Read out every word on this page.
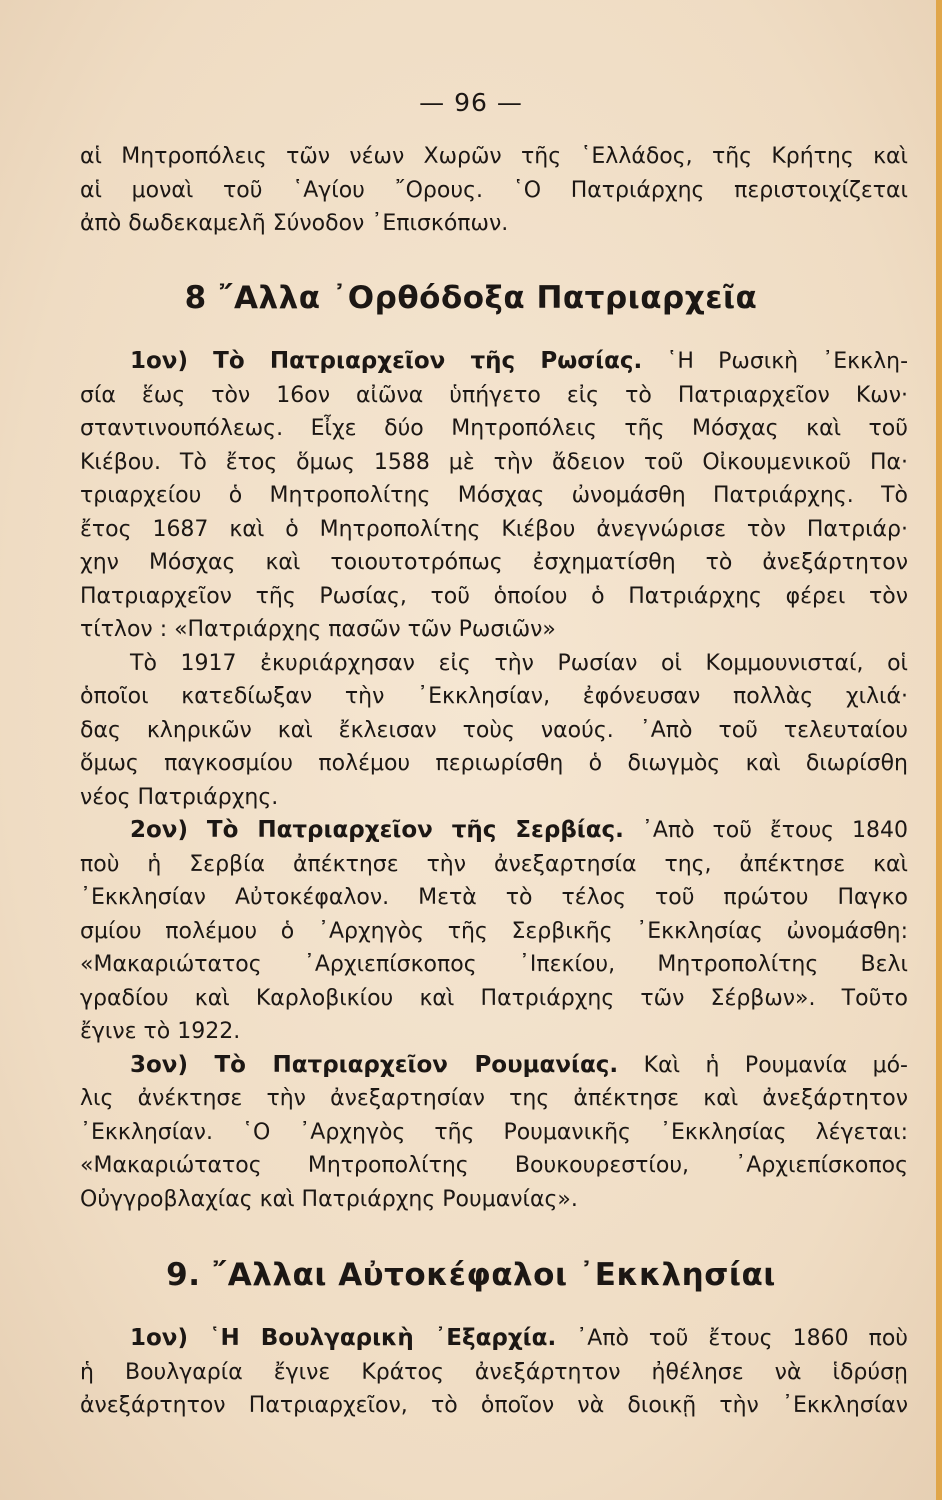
— 96 —
αἱ Μητροπόλεις τῶν νέων Χωρῶν τῆς ῾Ελλάδος, τῆς Κρήτης καὶ
αἱ μοναὶ τοῦ ῾Αγίου ῎Ορους. ῾Ο Πατριάρχης περιστοιχίζεται
ἀπὸ δωδεκαμελῆ Σύνοδον ᾿Επισκόπων.
8 ῎Αλλα ᾿Ορθόδοξα Πατριαρχεῖα
1ον) Τὸ Πατριαρχεῖον τῆς Ρωσίας. ῾Η Ρωσικὴ ᾿Εκκλη-
σία ἕως τὸν 16ον αἰῶνα ὑπήγετο εἰς τὸ Πατριαρχεῖον Κων·
σταντινουπόλεως. Εἶχε δύο Μητροπόλεις τῆς Μόσχας καὶ τοῦ
Κιέβου. Τὸ ἔτος ὅμως 1588 μὲ τὴν ἄδειον τοῦ Οἰκουμενικοῦ Πα·
τριαρχείου ὁ Μητροπολίτης Μόσχας ὠνομάσθη Πατριάρχης. Τὸ
ἔτος 1687 καὶ ὁ Μητροπολίτης Κιέβου ἀνεγνώρισε τὸν Πατριάρ·
χην Μόσχας καὶ τοιουτοτρόπως ἐσχηματίσθη τὸ ἀνεξάρτητον
Πατριαρχεῖον τῆς Ρωσίας, τοῦ ὁποίου ὁ Πατριάρχης φέρει τὸν
τίτλον : «Πατριάρχης πασῶν τῶν Ρωσιῶν»
Τὸ 1917 ἐκυριάρχησαν εἰς τὴν Ρωσίαν οἱ Κομμουνισταί, οἱ
ὁποῖοι κατεδίωξαν τὴν ᾿Εκκλησίαν, ἐφόνευσαν πολλὰς χιλιά·
δας κληρικῶν καὶ ἔκλεισαν τοὺς ναούς. ᾿Απὸ τοῦ τελευταίου
ὅμως παγκοσμίου πολέμου περιωρίσθη ὁ διωγμὸς καὶ διωρίσθη
νέος Πατριάρχης.
2ον) Τὸ Πατριαρχεῖον τῆς Σερβίας. ᾿Απὸ τοῦ ἔτους 1840
ποὺ ἡ Σερβία ἀπέκτησε τὴν ἀνεξαρτησία της, ἀπέκτησε καὶ
᾿Εκκλησίαν Αὐτοκέφαλον. Μετὰ τὸ τέλος τοῦ πρώτου Παγκο
σμίου πολέμου ὁ ᾿Αρχηγὸς τῆς Σερβικῆς ᾿Εκκλησίας ὠνομάσθη:
«Μακαριώτατος ᾿Αρχιεπίσκοπος ᾿Ιπεκίου, Μητροπολίτης Βελι
γραδίου καὶ Καρλοβικίου καὶ Πατριάρχης τῶν Σέρβων». Τοῦτο
ἔγινε τὸ 1922.
3ον) Τὸ Πατριαρχεῖον Ρουμανίας. Καὶ ἡ Ρουμανία μό-
λις ἀνέκτησε τὴν ἀνεξαρτησίαν της ἀπέκτησε καὶ ἀνεξάρτητον
᾿Εκκλησίαν. ῾Ο ᾿Αρχηγὸς τῆς Ρουμανικῆς ᾿Εκκλησίας λέγεται:
«Μακαριώτατος Μητροπολίτης Βουκουρεστίου, ᾿Αρχιεπίσκοπος
Οὐγγροβλαχίας καὶ Πατριάρχης Ρουμανίας».
9. ῎Αλλαι Αὐτοκέφαλοι ᾿Εκκλησίαι
1ον) ῾Η Βουλγαρικὴ ᾿Εξαρχία. ᾿Απὸ τοῦ ἔτους 1860 ποὺ
ἡ Βουλγαρία ἔγινε Κράτος ἀνεξάρτητον ἠθέλησε νὰ ἱδρύσῃ
ἀνεξάρτητον Πατριαρχεῖον, τὸ ὁποῖον νὰ διοικῇ τὴν ᾿Εκκλησίαν
